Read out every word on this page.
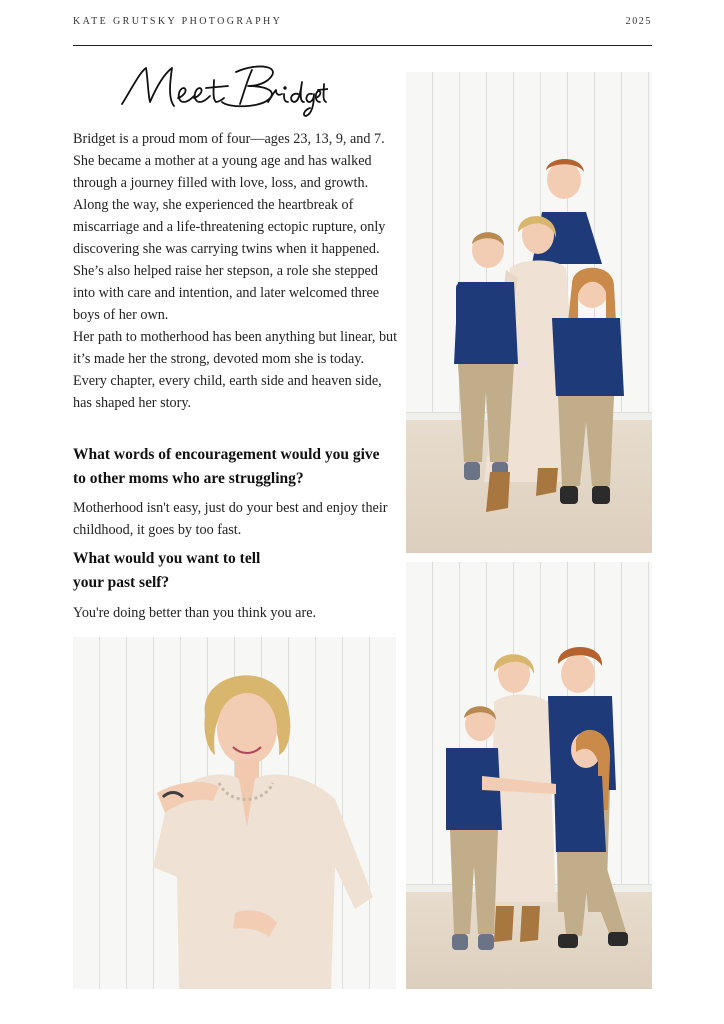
KATE GRUTSKY PHOTOGRAPHY	2025

Bridget is a proud mom of four—ages 23, 13, 9, and 7. She became a mother at a young age and has walked through a journey filled with love, loss, and growth.

Along the way, she experienced the heartbreak of miscarriage and a life-threatening ectopic rupture, only discovering she was carrying twins when it happened. She’s also helped raise her stepson, a role she stepped into with care and intention, and later welcomed three boys of her own.

Her path to motherhood has been anything but linear, but it’s made her the strong, devoted mom she is today. Every chapter, every child, earth side and heaven side, has shaped her story.

What words of encouragement would you give to other moms who are struggling?
Motherhood isn't easy, just do your best and enjoy their childhood, it goes by too fast.
What would you want to tell
your past self?
You're doing better than you think you are.
